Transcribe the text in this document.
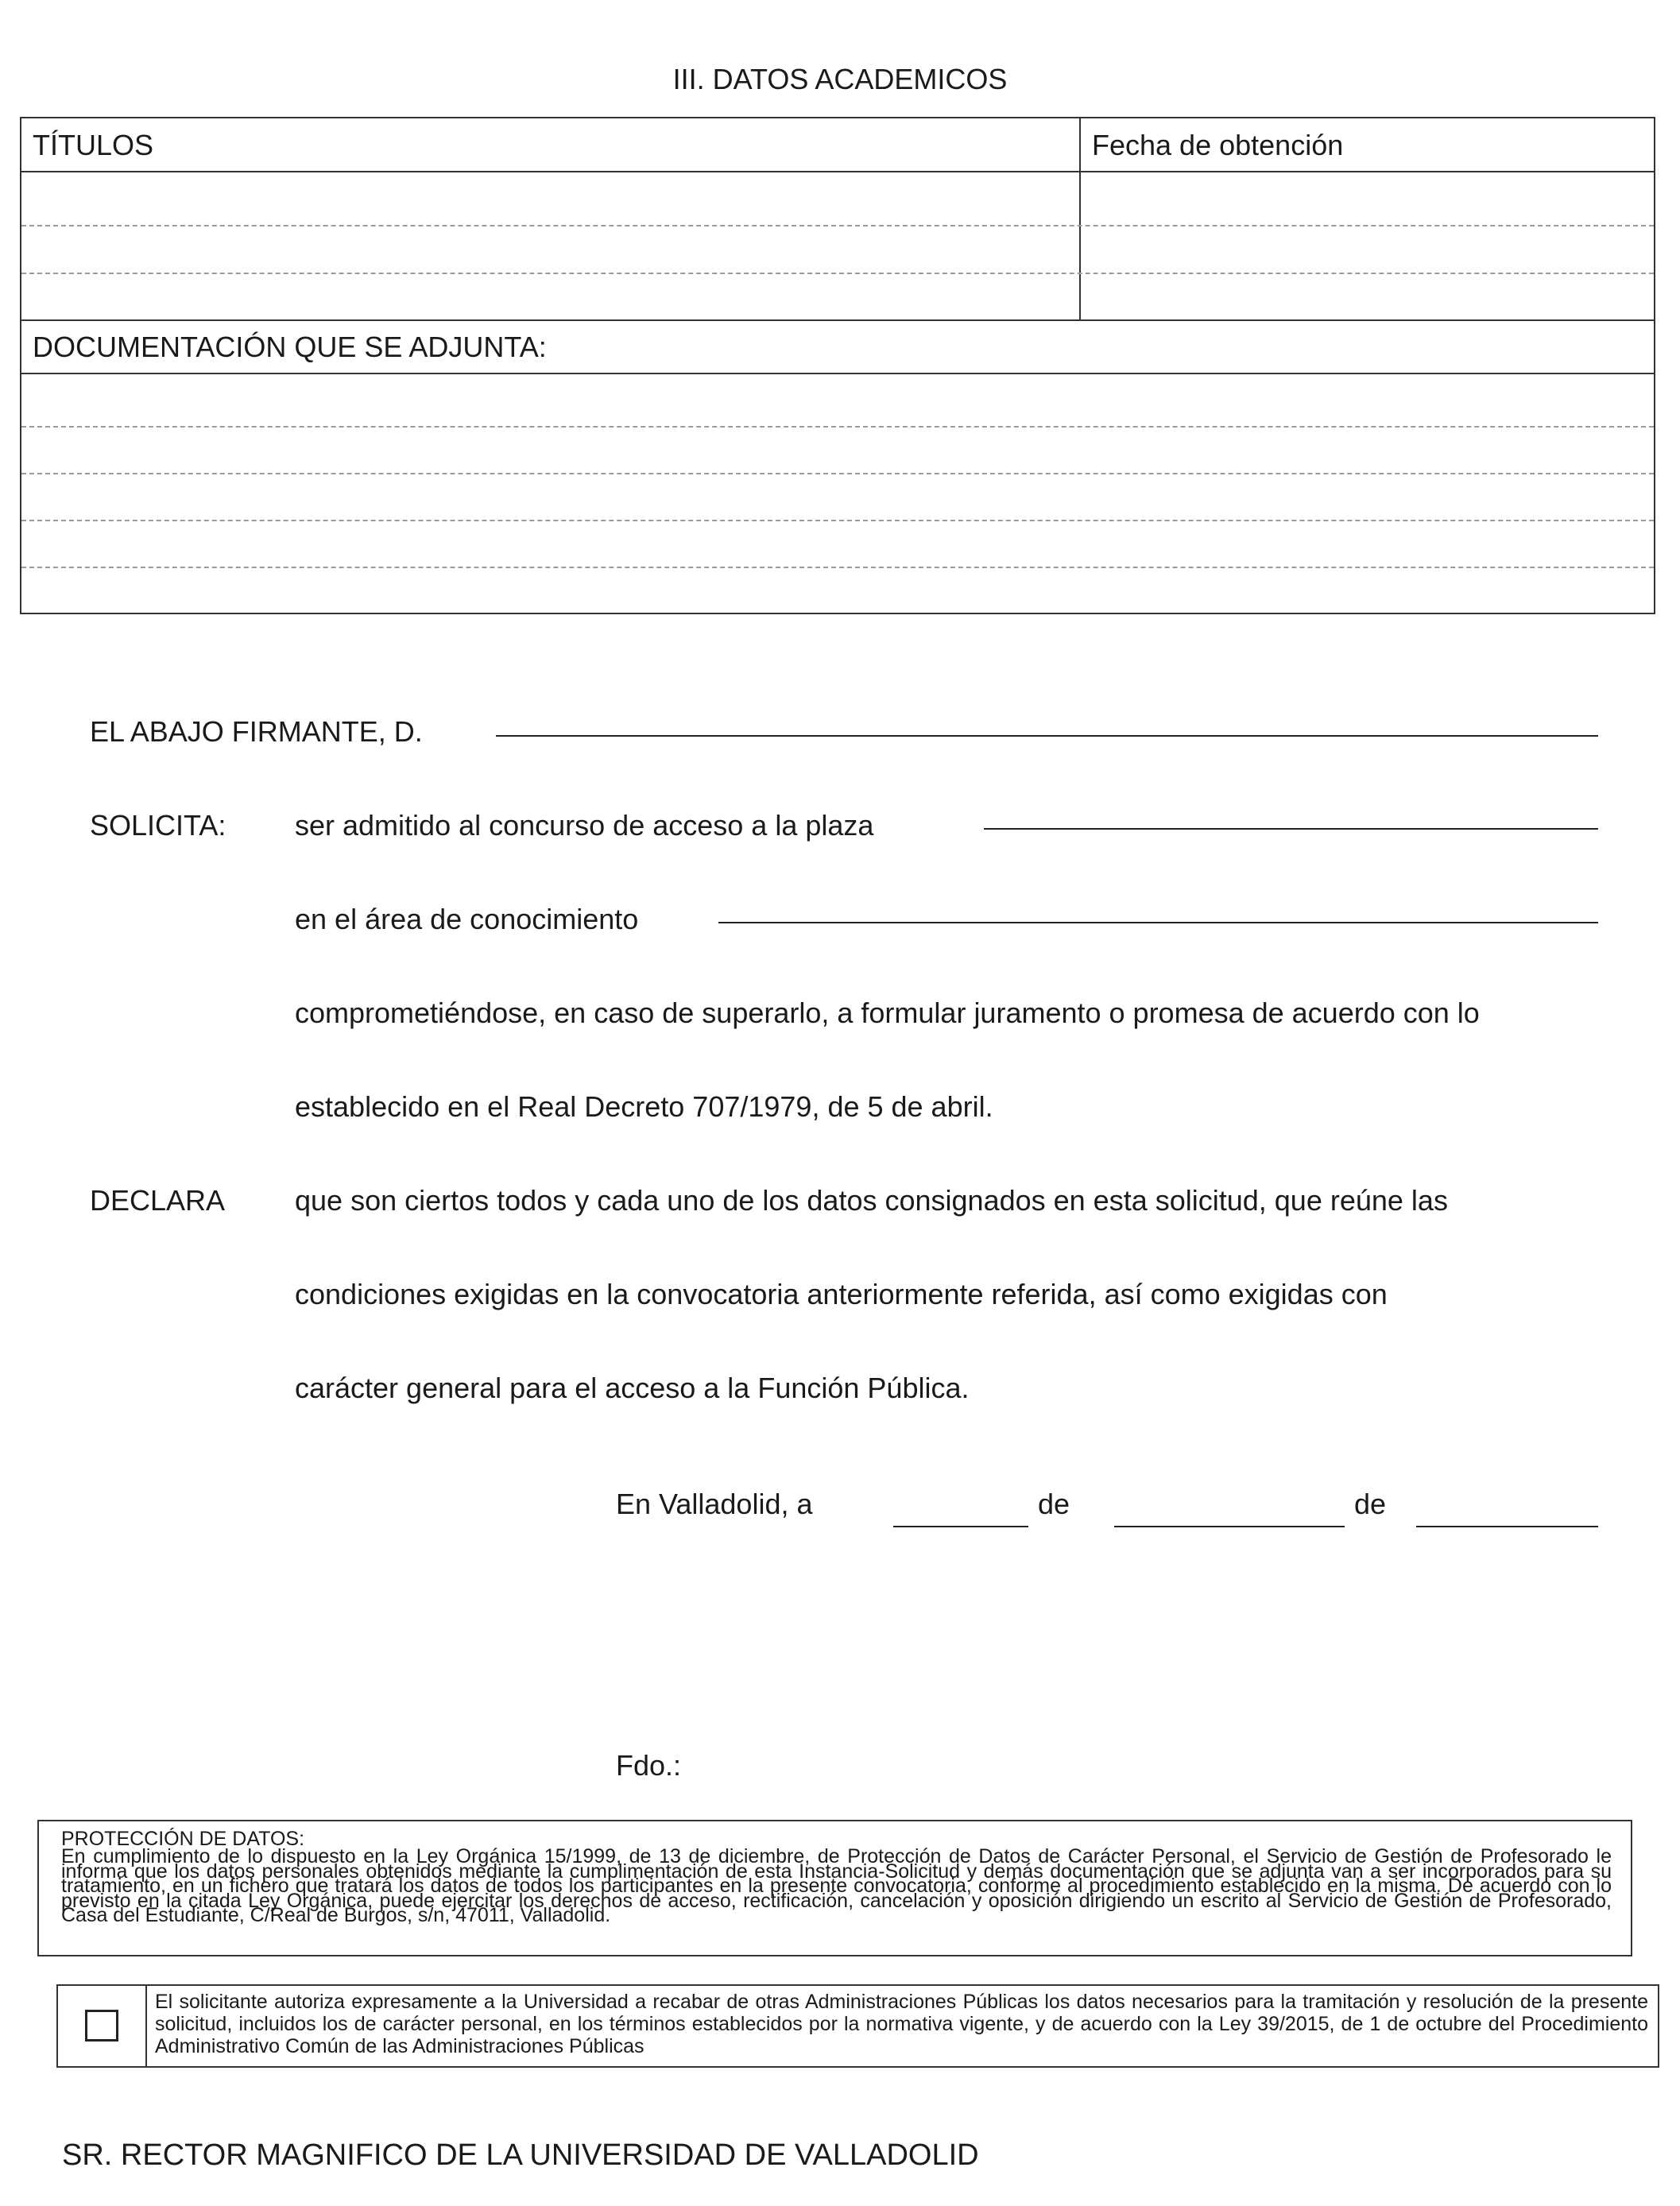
III. DATOS ACADEMICOS
TÍTULOS	Fecha de obtención
DOCUMENTACIÓN QUE SE ADJUNTA:
EL ABAJO FIRMANTE, D.
SOLICITA: ser admitido al concurso de acceso a la plaza
en el área de conocimiento
comprometiéndose, en caso de superarlo, a formular juramento o promesa de acuerdo con lo
establecido en el Real Decreto 707/1979, de 5 de abril.
DECLARA que son ciertos todos y cada uno de los datos consignados en esta solicitud, que reúne las
condiciones exigidas en la convocatoria anteriormente referida, así como exigidas con
carácter general para el acceso a la Función Pública.
En Valladolid, a	de	de
Fdo.:
PROTECCIÓN DE DATOS:
En cumplimiento de lo dispuesto en la Ley Orgánica 15/1999, de 13 de diciembre, de Protección de Datos de Carácter Personal, el Servicio de Gestión de Profesorado le informa que los datos personales obtenidos mediante la cumplimentación de esta Instancia-Solicitud y demás documentación que se adjunta van a ser incorporados para su tratamiento, en un fichero que tratará los datos de todos los participantes en la presente convocatoria, conforme al procedimiento establecido en la misma. De acuerdo con lo previsto en la citada Ley Orgánica, puede ejercitar los derechos de acceso, rectificación, cancelación y oposición dirigiendo un escrito al Servicio de Gestión de Profesorado, Casa del Estudiante, C/Real de Burgos, s/n, 47011, Valladolid.
El solicitante autoriza expresamente a la Universidad a recabar de otras Administraciones Públicas los datos necesarios para la tramitación y resolución de la presente solicitud, incluidos los de carácter personal, en los términos establecidos por la normativa vigente, y de acuerdo con la Ley 39/2015, de 1 de octubre del Procedimiento Administrativo Común de las Administraciones Públicas
SR. RECTOR MAGNIFICO DE LA UNIVERSIDAD DE VALLADOLID
